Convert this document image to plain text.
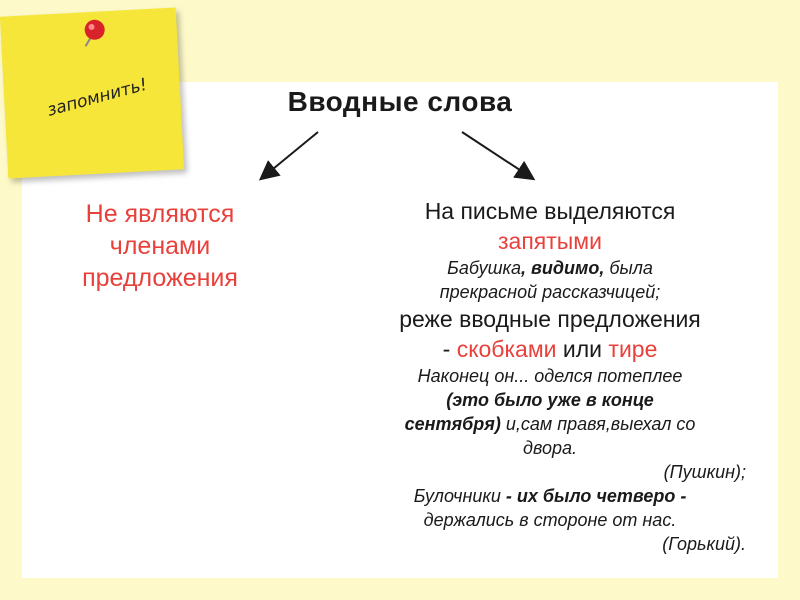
запомнить!	Вводные слова
Не являются
членами
предложения
На письме выделяются
запятыми
Бабушка, видимо, была
прекрасной рассказчицей;
реже вводные предложения
- скобками или тире
Наконец он... оделся потеплее
(это было уже в конце
сентября) и,сам правя,выехал со
двора.
(Пушкин);
Булочники - их было четверо -
держались в стороне от нас.
(Горький).
